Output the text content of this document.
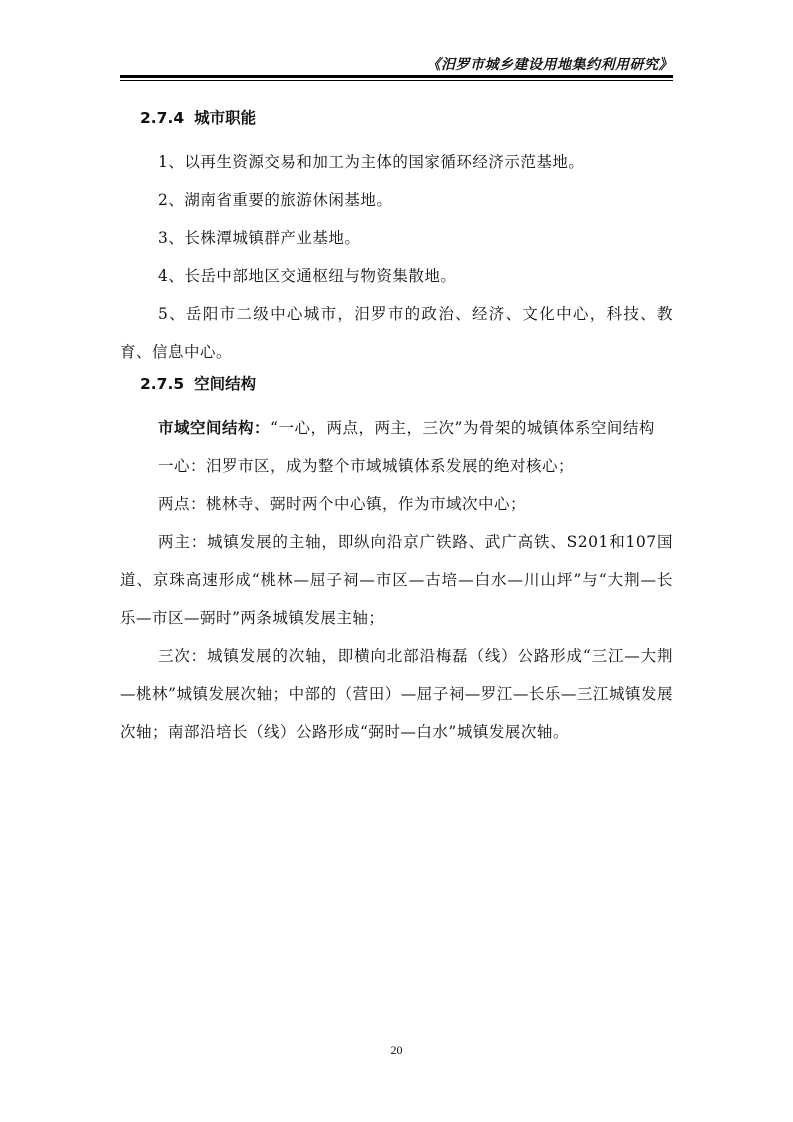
《汨罗市城乡建设用地集约利用研究》
2.7.4 城市职能

1、以再生资源交易和加工为主体的国家循环经济示范基地。

2、湖南省重要的旅游休闲基地。

3、长株潭城镇群产业基地。

4、长岳中部地区交通枢纽与物资集散地。

5、岳阳市二级中心城市，汨罗市的政治、经济、文化中心，科技、教育、信息中心。

2.7.5 空间结构

市域空间结构：“一心，两点，两主，三次”为骨架的城镇体系空间结构

一心：汨罗市区，成为整个市域城镇体系发展的绝对核心；

两点：桃林寺、弼时两个中心镇，作为市域次中心；

两主：城镇发展的主轴，即纵向沿京广铁路、武广高铁、S201和107国道、京珠高速形成“桃林—屈子祠—市区—古培—白水—川山坪”与“大荆—长乐—市区—弼时”两条城镇发展主轴；

三次：城镇发展的次轴，即横向北部沿梅磊（线）公路形成“三江—大荆—桃林”城镇发展次轴；中部的（营田）—屈子祠—罗江—长乐—三江城镇发展次轴；南部沿培长（线）公路形成“弼时—白水”城镇发展次轴。

20
